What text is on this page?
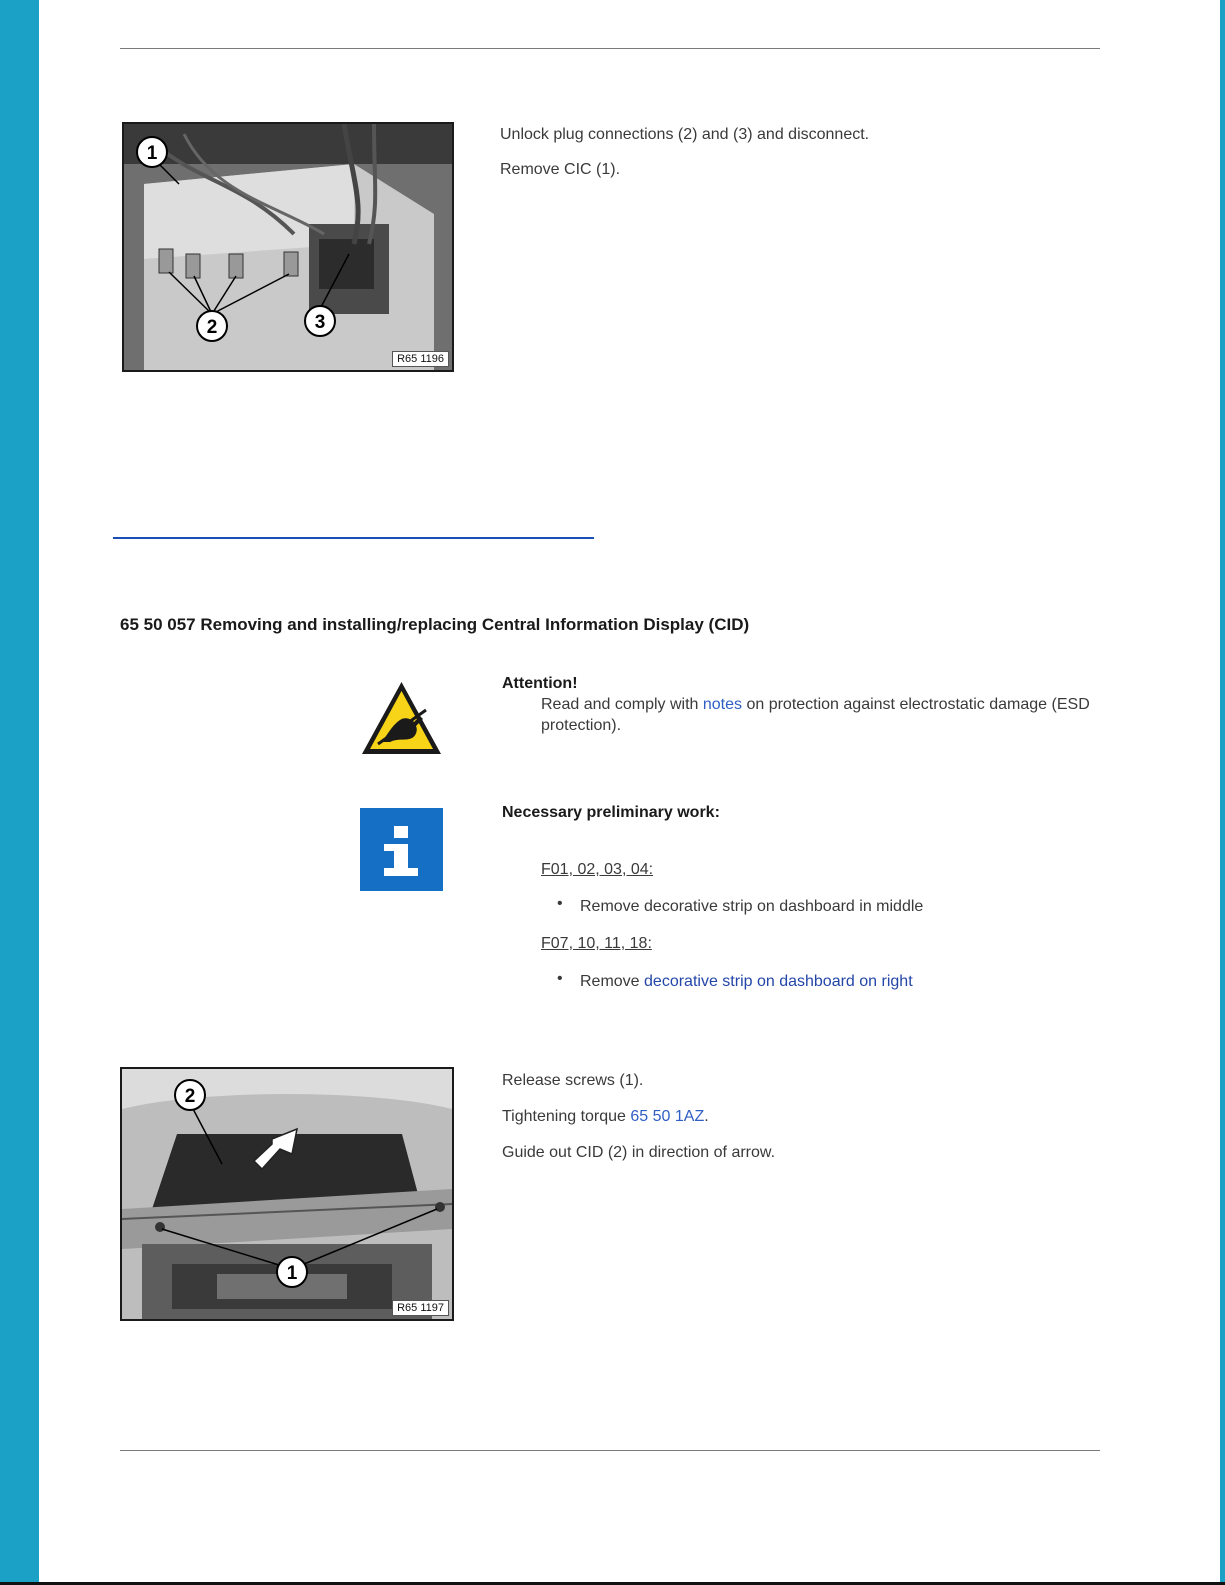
1
2	3
R65 1196
Unlock plug connections (2) and (3) and disconnect.
Remove CIC (1).
65 50 057 Removing and installing/replacing Central Information Display (CID)
Attention!
Read and comply with notes on protection against electrostatic damage (ESD
protection).
Necessary preliminary work:
F01, 02, 03, 04:
• Remove decorative strip on dashboard in middle
F07, 10, 11, 18:
• Remove decorative strip on dashboard on right
2
1
R65 1197
Release screws (1).
Tightening torque 65 50 1AZ.
Guide out CID (2) in direction of arrow.
